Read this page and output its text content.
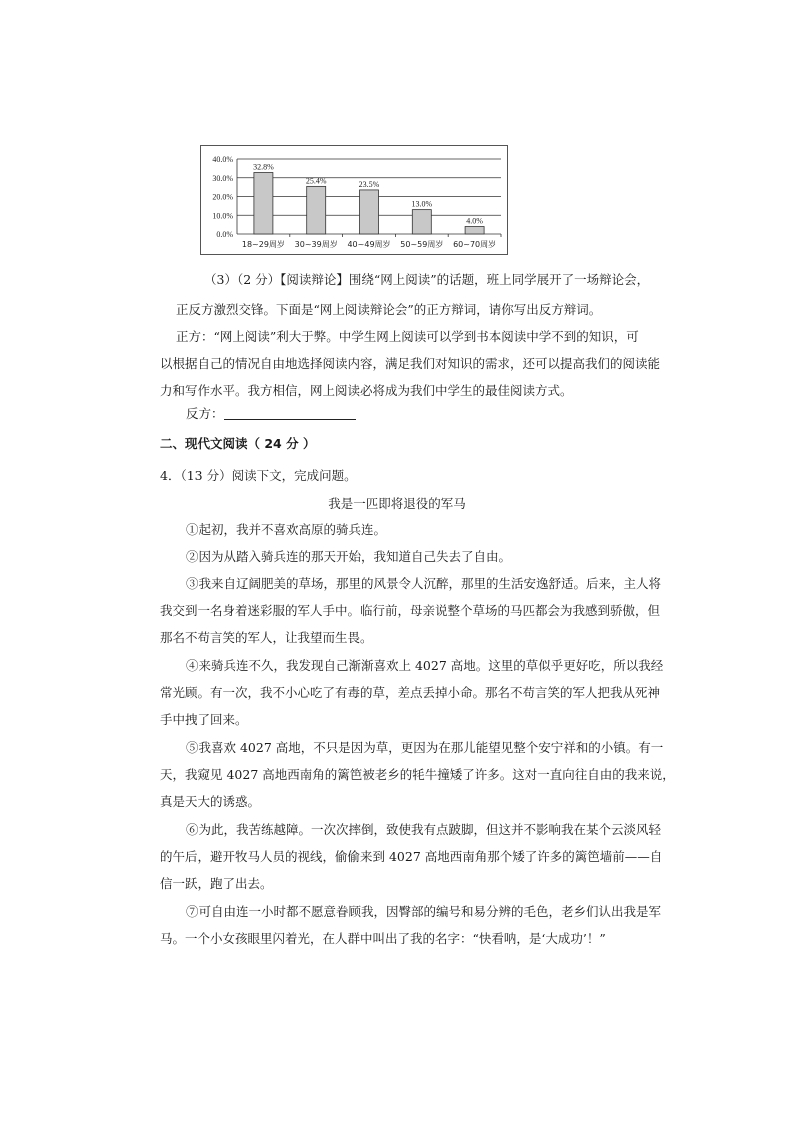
40.0%
30.0%
20.0%
10.0%
0.0%
32.8%
18~29周岁
25.4%
30~39周岁
23.5%
40~49周岁
13.0%
50~59周岁
4.0%
60~70周岁
（3）（2 分）【阅读辩论】围绕“网上阅读”的话题，班上同学展开了一场辩论会，
正反方激烈交锋。下面是“网上阅读辩论会”的正方辩词，请你写出反方辩词。
正方：“网上阅读”利大于弊。中学生网上阅读可以学到书本阅读中学不到的知识，可
以根据自己的情况自由地选择阅读内容，满足我们对知识的需求，还可以提高我们的阅读能
力和写作水平。我方相信，网上阅读必将成为我们中学生的最佳阅读方式。
反方：
二、现代文阅读（ 24 分 ）
4．（13 分）阅读下文，完成问题。
我是一匹即将退役的军马
①起初，我并不喜欢高原的骑兵连。
②因为从踏入骑兵连的那天开始，我知道自己失去了自由。
③我来自辽阔肥美的草场，那里的风景令人沉醉，那里的生活安逸舒适。后来，主人将
我交到一名身着迷彩服的军人手中。临行前，母亲说整个草场的马匹都会为我感到骄傲，但
那名不苟言笑的军人，让我望而生畏。
④来骑兵连不久，我发现自己渐渐喜欢上 4027 高地。这里的草似乎更好吃，所以我经
常光顾。有一次，我不小心吃了有毒的草，差点丢掉小命。那名不苟言笑的军人把我从死神
手中拽了回来。
⑤我喜欢 4027 高地，不只是因为草，更因为在那儿能望见整个安宁祥和的小镇。有一
天，我窥见 4027 高地西南角的篱笆被老乡的牦牛撞矮了许多。这对一直向往自由的我来说，
真是天大的诱惑。
⑥为此，我苦练越障。一次次摔倒，致使我有点跛脚，但这并不影响我在某个云淡风轻
的午后，避开牧马人员的视线，偷偷来到 4027 高地西南角那个矮了许多的篱笆墙前——自
信一跃，跑了出去。
⑦可自由连一小时都不愿意眷顾我，因臀部的编号和易分辨的毛色，老乡们认出我是军
马。一个小女孩眼里闪着光，在人群中叫出了我的名字：“快看呐，是‘大成功’！”
